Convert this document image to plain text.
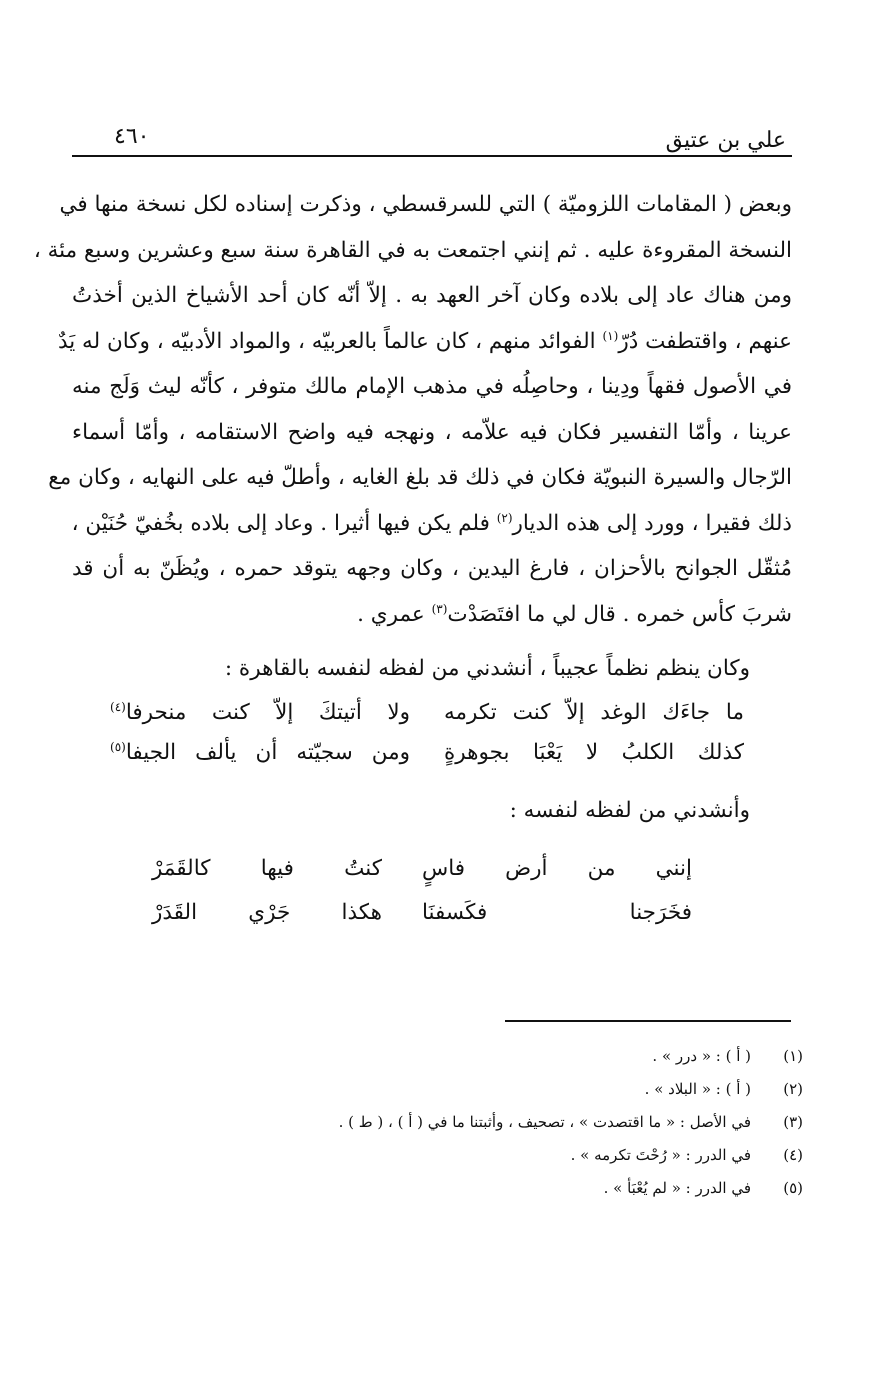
علي بن عتيق
٤٦٠

وبعض ( المقامات اللزوميّة ) التي للسرقسطي ، وذكرت إسناده لكل نسخة منها في

النسخة المقروءة عليه . ثم إنني اجتمعت به في القاهرة سنة سبع وعشرين وسبع مئة ،

ومن هناك عاد إلى بلاده وكان آخر العهد به . إلاّ أنّه كان أحد الأشياخ الذين أخذتُ

عنهم ، واقتطفت دُرّ$^{(١)}$ الفوائد منهم ، كان عالماً بالعربيّه ، والمواد الأدبيّه ، وكان له يَدٌ

في الأصول فقهاً ودِينا ، وحاصِلُه في مذهب الإمام مالك متوفر ، كأنّه ليث وَلَج منه

عرينا ، وأمّا التفسير فكان فيه علاّمه ، ونهجه فيه واضح الاستقامه ، وأمّا أسماء

الرّجال والسيرة النبويّة فكان في ذلك قد بلغ الغايه ، وأطلّ فيه على النهايه ، وكان مع

ذلك فقيرا ، وورد إلى هذه الديار$^{(٢)}$ فلم يكن فيها أثيرا . وعاد إلى بلاده بخُفيّ حُنَيْن ،

مُثقّل الجوانح بالأحزان ، فارغ اليدين ، وكان وجهه يتوقد حمره ، ويُظَنّ به أن قد

شربَ كأس خمره . قال لي ما افتَصَدْت$^{(٣)}$ عمري .

وكان ينظم نظماً عجيباً ، أنشدني من لفظه لنفسه بالقاهرة :
ما جاءَك الوغد إلاّ كنت تكرمه
ولا أتيتكَ إلاّ كنت منحرفا$^{(٤)}$
كذلك الكلبُ لا يَعْبَا بجوهرةٍ
ومن سجيّته أن يألف الجيفا$^{(٥)}$
وأنشدني من لفظه لنفسه :
إنني من أرض فاسٍ
كنتُ فيها كالقَمَرْ
فخَرَجنا فكَسفنَا
هكذا جَرْي القَدَرْ
(١)
( أ ) : « درر » .
(٢)
( أ ) : « البلاد » .
(٣)
في الأصل : « ما اقتصدت » ، تصحيف ، وأثبتنا ما في ( أ ) ، ( ط ) .
(٤)
في الدرر : « رُحْتَ تكرمه » .
(٥)
في الدرر : « لم يُعْبَأ » .
